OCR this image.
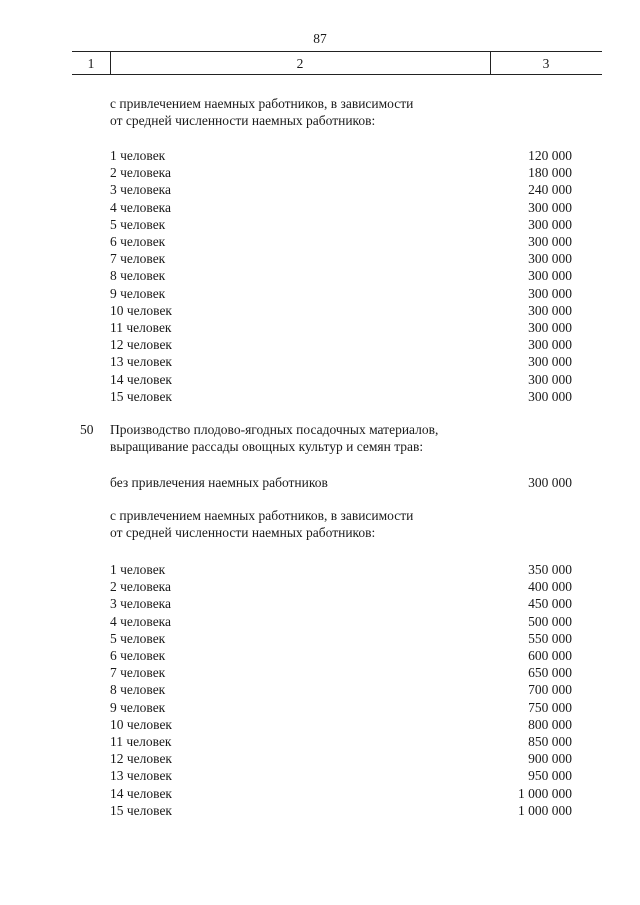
87
1	2	3
с привлечением наемных работников, в зависимости
от средней численности наемных работников:
1 человек	120 000
2 человека	180 000
3 человека	240 000
4 человека	300 000
5 человек	300 000
6 человек	300 000
7 человек	300 000
8 человек	300 000
9 человек	300 000
10 человек	300 000
11 человек	300 000
12 человек	300 000
13 человек	300 000
14 человек	300 000
15 человек	300 000
50 Производство плодово-ягодных посадочных материалов,
выращивание рассады овощных культур и семян трав:
без привлечения наемных работников	300 000
с привлечением наемных работников, в зависимости
от средней численности наемных работников:
1 человек	350 000
2 человека	400 000
3 человека	450 000
4 человека	500 000
5 человек	550 000
6 человек	600 000
7 человек	650 000
8 человек	700 000
9 человек	750 000
10 человек	800 000
11 человек	850 000
12 человек	900 000
13 человек	950 000
14 человек	1 000 000
15 человек	1 000 000
